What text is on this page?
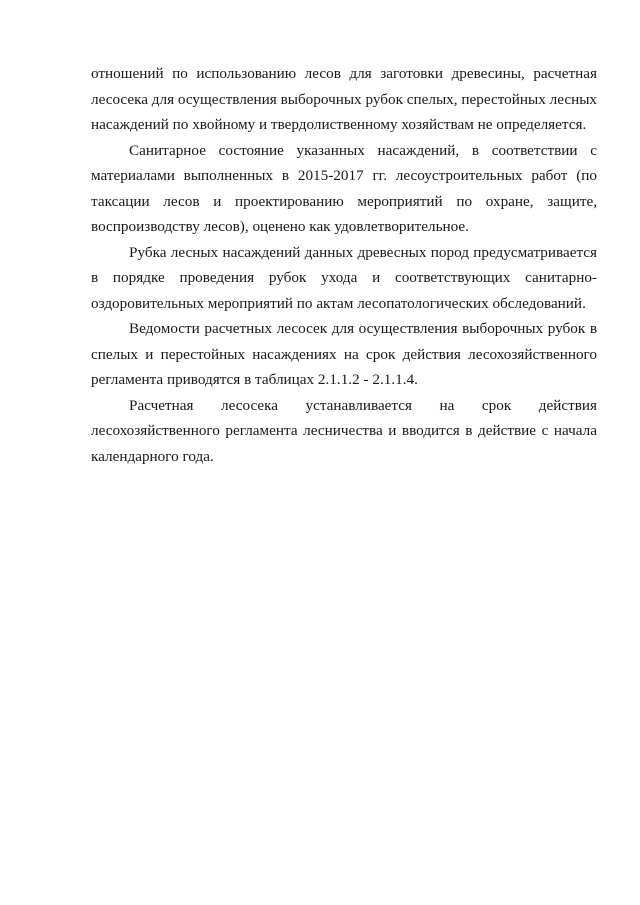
отношений по использованию лесов для заготовки древесины, расчетная
лесосека для осуществления выборочных рубок спелых, перестойных лесных
насаждений по хвойному и твердолиственному хозяйствам не определяется.

Санитарное состояние указанных насаждений, в соответствии с
материалами выполненных в 2015-2017 гг. лесоустроительных работ (по
таксации лесов и проектированию мероприятий по охране, защите,
воспроизводству лесов), оценено как удовлетворительное.

Рубка лесных насаждений данных древесных пород предусматривается
в порядке проведения рубок ухода и соответствующих санитарно-
оздоровительных мероприятий по актам лесопатологических обследований.

Ведомости расчетных лесосек для осуществления выборочных рубок в
спелых и перестойных насаждениях на срок действия лесохозяйственного
регламента приводятся в таблицах 2.1.1.2 - 2.1.1.4.

Расчетная лесосека устанавливается на срок действия
лесохозяйственного регламента лесничества и вводится в действие с начала
календарного года.
